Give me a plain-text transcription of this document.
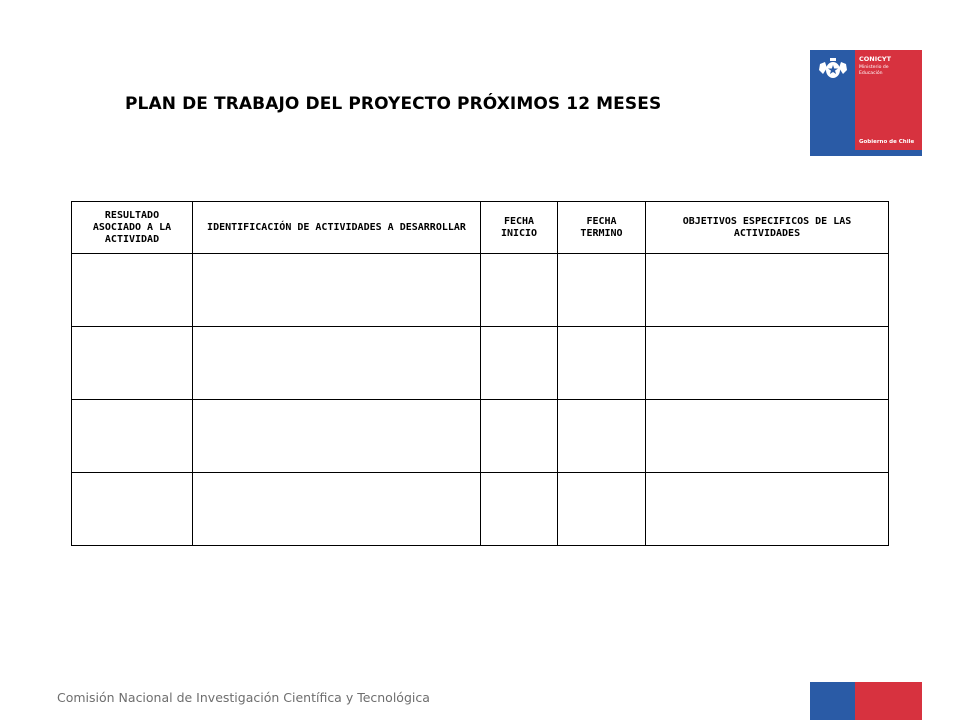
PLAN DE TRABAJO DEL PROYECTO PRÓXIMOS 12 MESES
CONICYT
Ministerio de
Educación
Gobierno de Chile
RESULTADO ASOCIADO A LA ACTIVIDAD	IDENTIFICACIÓN DE ACTIVIDADES A DESARROLLAR	FECHA INICIO	FECHA TERMINO	OBJETIVOS ESPECIFICOS DE LAS ACTIVIDADES

Comisión Nacional de Investigación Científica y Tecnológica
